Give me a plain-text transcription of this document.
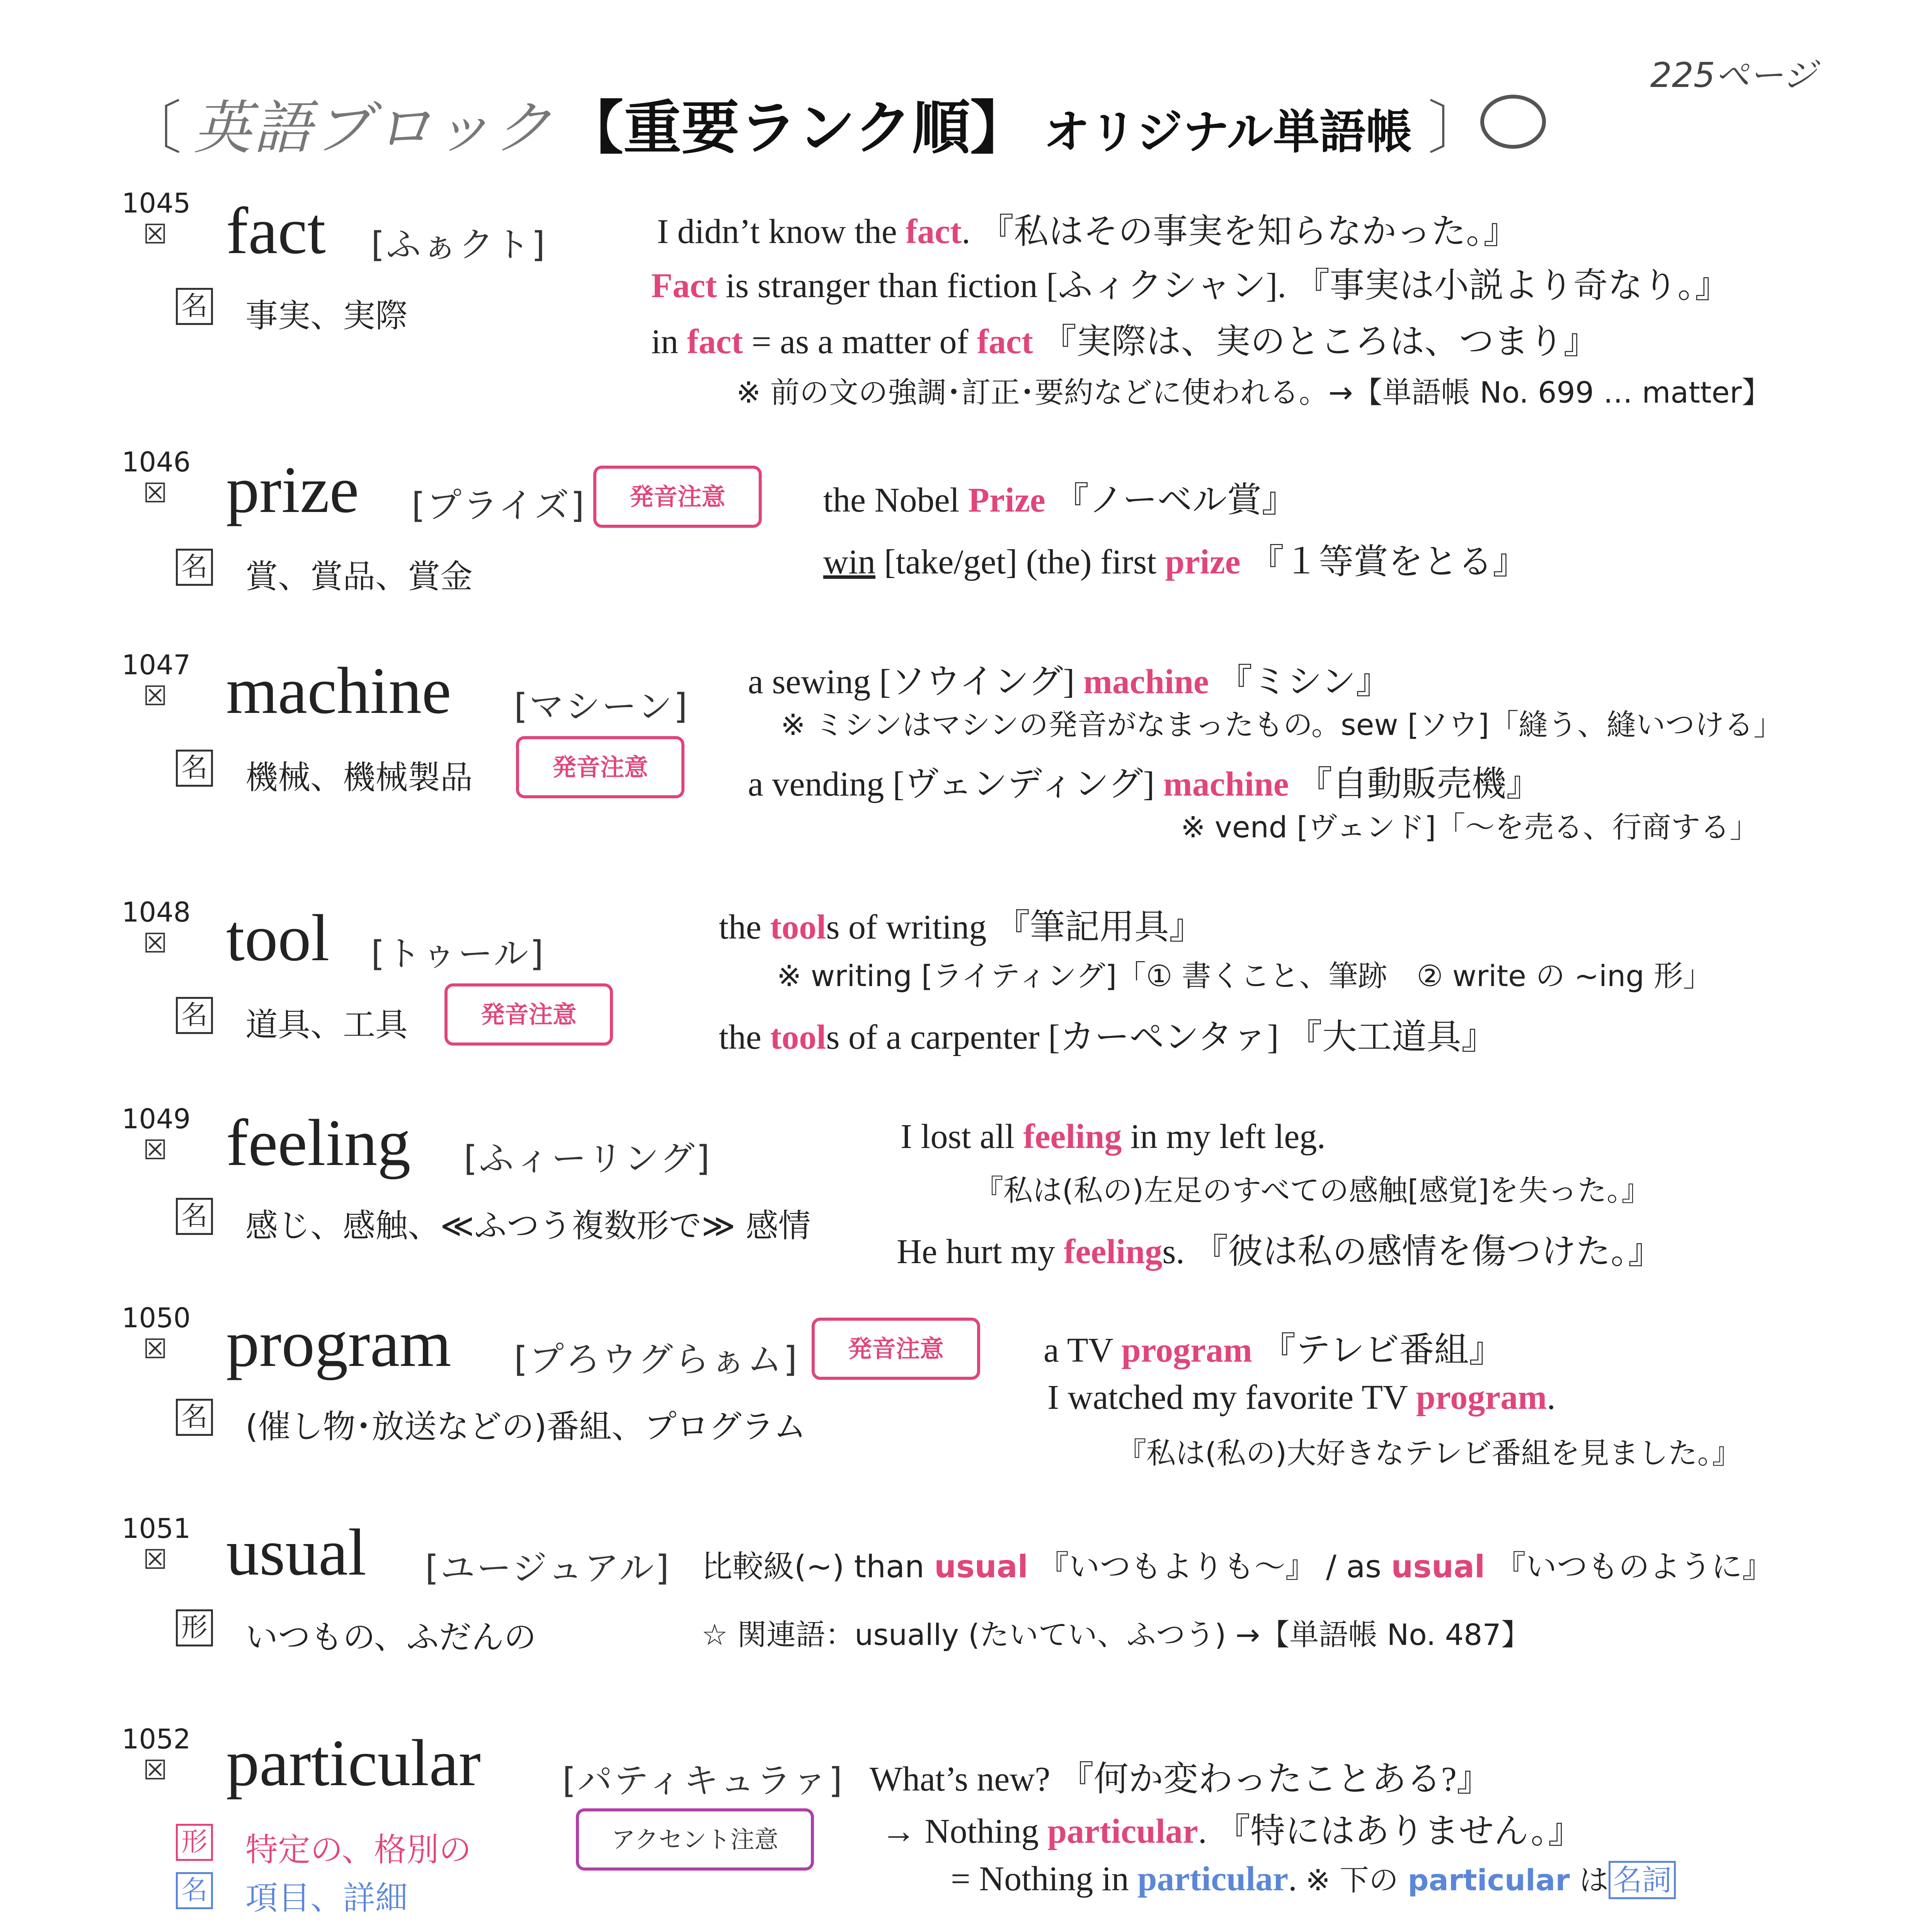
225ページ
〔 英語ブロック 【重要ランク順】 オリジナル単語帳 〕
1045
☒ fact [ふぁクト]
名 事実、実際
I didn’t know the fact. 『私はその事実を知らなかった。』
Fact is stranger than fiction [ふィクシャン]. 『事実は小説より奇なり。』
in fact = as a matter of fact 『実際は、実のところは、つまり』
※ 前の文の強調･訂正･要約などに使われる。→【単語帳 No. 699 … matter】
1046
☒ prize [プライズ]	発音注意
名 賞、賞品、賞金
the Nobel Prize 『ノーベル賞』
win [take/get] (the) first prize 『１等賞をとる』
1047
☒ machine [マシーン]
名 機械、機械製品	発音注意
a sewing [ソウイング] machine 『ミシン』
※ ミシンはマシンの発音がなまったもの。sew [ソウ]「縫う、縫いつける」
a vending [ヴェンディング] machine 『自動販売機』
※ vend [ヴェンド]「～を売る、行商する」
1048
☒ tool [トゥール]
名 道具、工具	発音注意
the tools of writing 『筆記用具』
※ writing [ライティング]「① 書くこと、筆跡　② write の ~ing 形」
the tools of a carpenter [カーペンタァ] 『大工道具』
1049
☒ feeling [ふィーリング]
名 感じ、感触、≪ふつう複数形で≫ 感情
I lost all feeling in my left leg.
『私は(私の)左足のすべての感触[感覚]を失った。』
He hurt my feelings. 『彼は私の感情を傷つけた。』
1050
☒ program [プろウグらぁム]	発音注意
名 (催し物･放送などの)番組、プログラム
a TV program 『テレビ番組』
I watched my favorite TV program.
『私は(私の)大好きなテレビ番組を見ました。』
1051
☒ usual [ユージュアル]
形 いつもの、ふだんの
比較級(~) than usual 『いつもよりも～』 / as usual 『いつものように』
☆ 関連語：usually (たいてい、ふつう) →【単語帳 No. 487】
1052
☒ particular [パティキュラァ]
アクセント注意
形 特定の、格別の
名 項目、詳細
What’s new? 『何か変わったことある?』
→ Nothing particular. 『特にはありません。』
= Nothing in particular. ※ 下の particular は 名詞
